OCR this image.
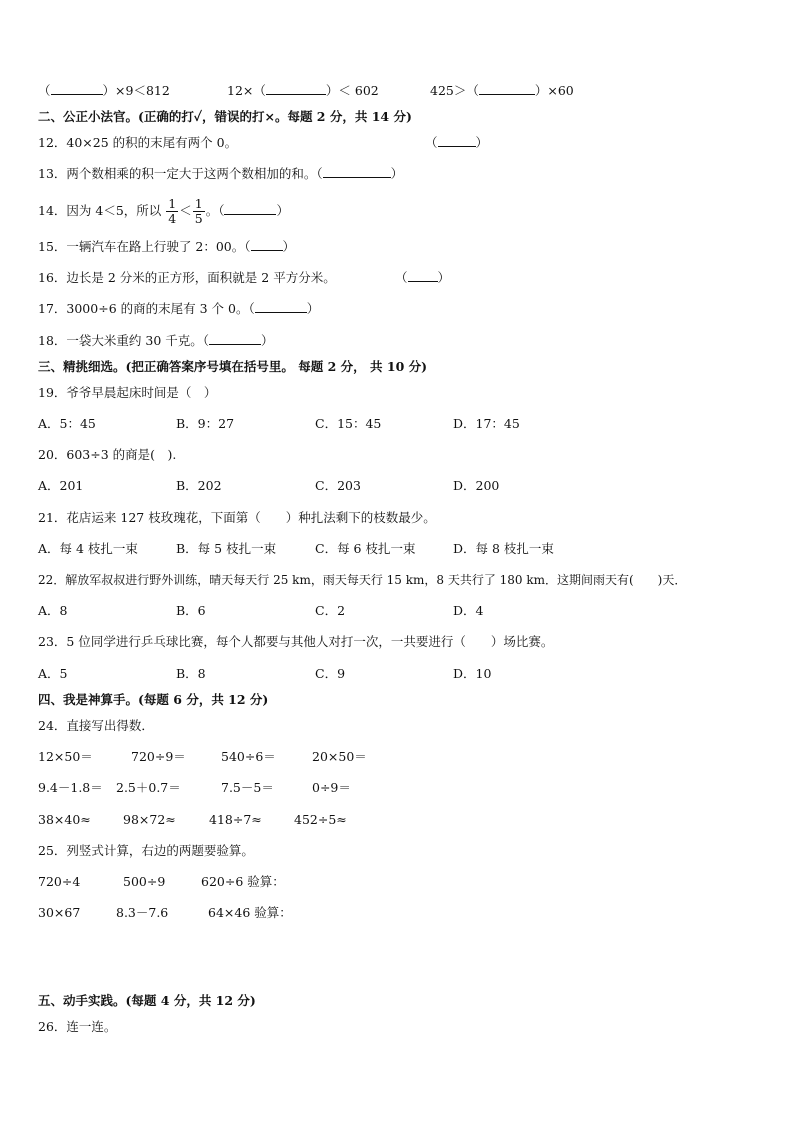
（	）×9＜812	12×（	）＜ 602	425＞（	）×60
二、公正小法官。(正确的打✓，错误的打×。每题 2 分，共 14 分)
12．40×25 的积的末尾有两个 0。	（	）
13．两个数相乘的积一定大于这两个数相加的和。（	）
14．因为 4＜5，所以 $\frac{1}{4} < \frac{1}{5}$ 。（	）
15．一辆汽车在路上行驶了 2：00。（	）
16．边长是 2 分米的正方形，面积就是 2 平方分米。	（ ）
17．3000÷6 的商的末尾有 3 个 0。（	）
18．一袋大米重约 30 千克。（	）
三、精挑细选。(把正确答案序号填在括号里。 每题 2 分， 共 10 分)
19．爷爷早晨起床时间是（　）
A．5：45	B．9：27	C．15：45	D．17：45
20．603÷3 的商是(　).
A．201	B．202	C．203	D．200
21．花店运来 127 枝玫瑰花，下面第（　　）种扎法剩下的枝数最少。
A．每 4 枝扎一束	B．每 5 枝扎一束	C．每 6 枝扎一束	D．每 8 枝扎一束
22．解放军叔叔进行野外训练，晴天每天行 25 km，雨天每天行 15 km，8 天共行了 180 km．这期间雨天有(　　)天．
A．8	B．6	C．2	D．4
23．5 位同学进行乒乓球比赛，每个人都要与其他人对打一次，一共要进行（　　）场比赛。
A．5	B．8	C．9	D．10
四、我是神算手。(每题 6 分，共 12 分)
24．直接写出得数．
12×50＝	720÷9＝	540÷6＝	20×50＝
9.4－1.8＝ 2.5＋0.7＝	7.5－5＝	0÷9＝
38×40≈	98×72≈	418÷7≈	452÷5≈
25．列竖式计算，右边的两题要验算。
720÷4	500÷9	620÷6 验算：
30×67	8.3－7.6	64×46 验算：
五、动手实践。(每题 4 分，共 12 分)
26．连一连。
